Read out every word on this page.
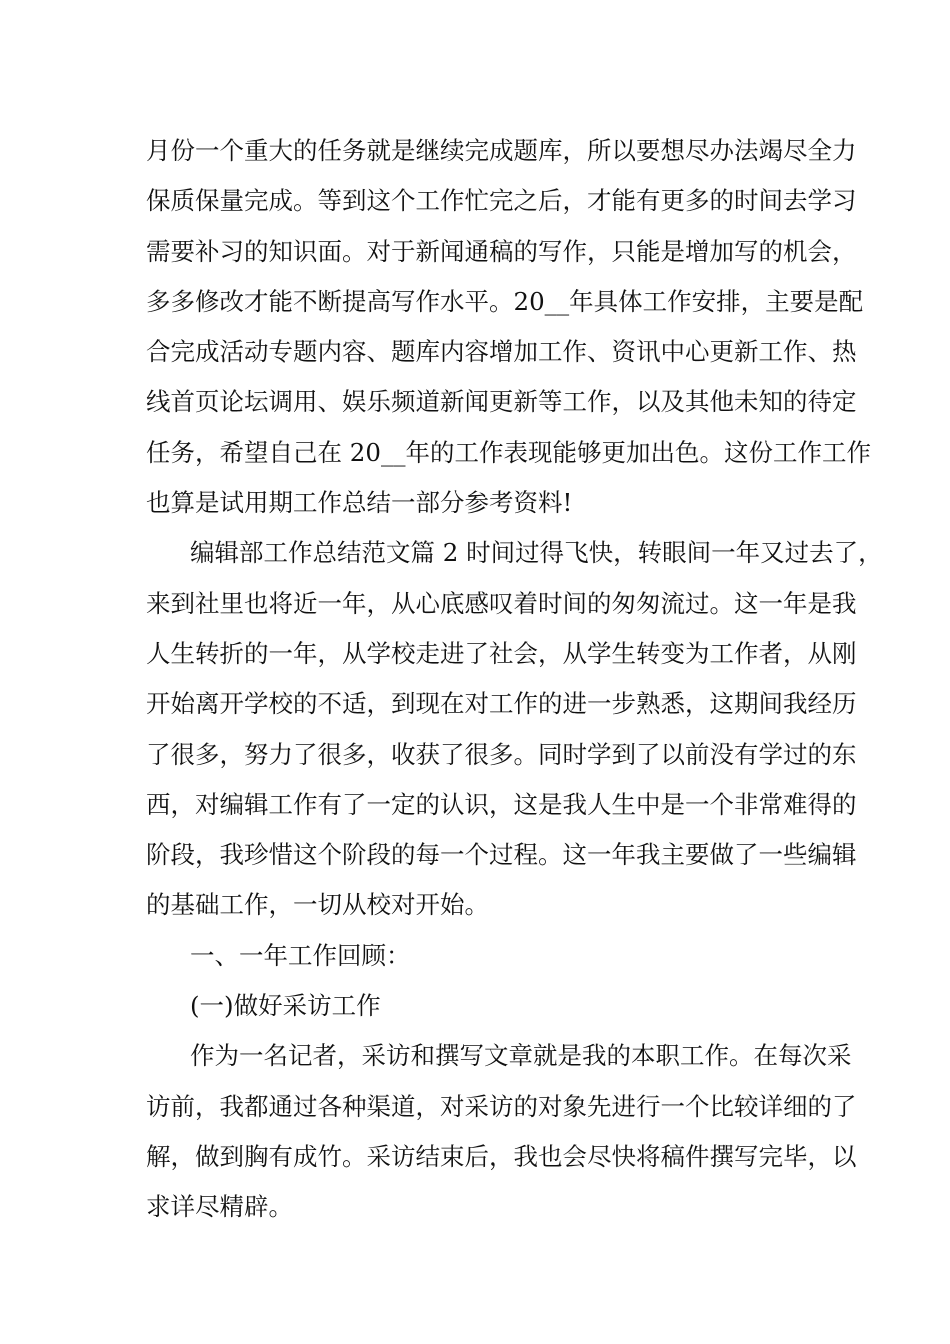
月份一个重大的任务就是继续完成题库，所以要想尽办法竭尽全力
保质保量完成。等到这个工作忙完之后，才能有更多的时间去学习
需要补习的知识面。对于新闻通稿的写作，只能是增加写的机会，
多多修改才能不断提高写作水平。20__年具体工作安排，主要是配
合完成活动专题内容、题库内容增加工作、资讯中心更新工作、热
线首页论坛调用、娱乐频道新闻更新等工作，以及其他未知的待定
任务，希望自己在 20__年的工作表现能够更加出色。这份工作工作
也算是试用期工作总结一部分参考资料!
编辑部工作总结范文篇 2 时间过得飞快，转眼间一年又过去了，
来到社里也将近一年，从心底感叹着时间的匆匆流过。这一年是我
人生转折的一年，从学校走进了社会，从学生转变为工作者，从刚
开始离开学校的不适，到现在对工作的进一步熟悉，这期间我经历
了很多，努力了很多，收获了很多。同时学到了以前没有学过的东
西，对编辑工作有了一定的认识，这是我人生中是一个非常难得的
阶段，我珍惜这个阶段的每一个过程。这一年我主要做了一些编辑
的基础工作，一切从校对开始。
一、一年工作回顾：
(一)做好采访工作
作为一名记者，采访和撰写文章就是我的本职工作。在每次采
访前，我都通过各种渠道，对采访的对象先进行一个比较详细的了
解，做到胸有成竹。采访结束后，我也会尽快将稿件撰写完毕，以
求详尽精辟。
